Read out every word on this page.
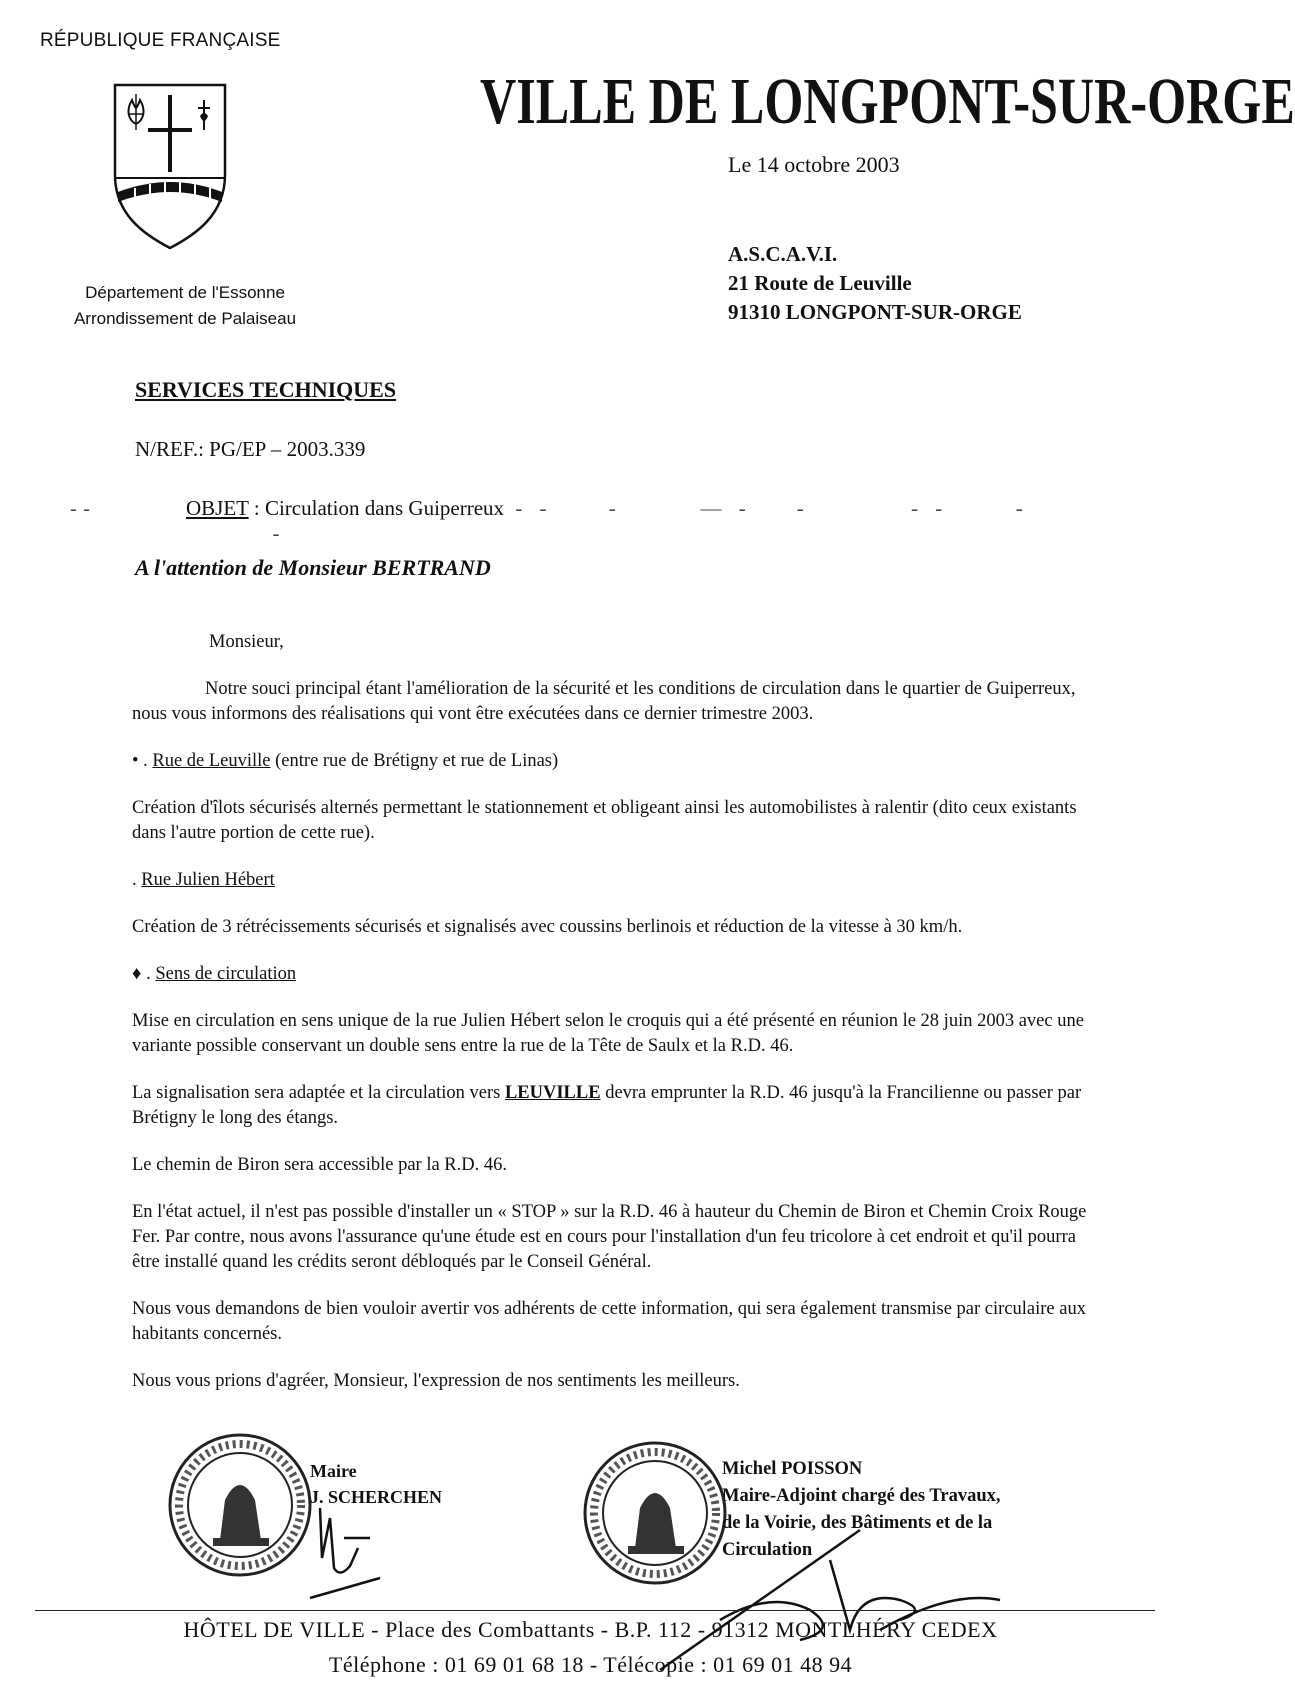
RÉPUBLIQUE FRANÇAISE
Département de l'Essonne
Arrondissement de Palaiseau
VILLE DE LONGPONT-SUR-ORGE
Le 14 octobre 2003
A.S.C.A.V.I.
21 Route de Leuville
91310 LONGPONT-SUR-ORGE
SERVICES TECHNIQUES
N/REF.: PG/EP – 2003.339
--        OBJET : Circulation dans Guiperreux - -     -       — -    -         - -      -                  -
A l'attention de Monsieur BERTRAND

Monsieur,

Notre souci principal étant l'amélioration de la sécurité et les conditions de circulation dans le quartier de Guiperreux, nous vous informons des réalisations qui vont être exécutées dans ce dernier trimestre 2003.

• . Rue de Leuville (entre rue de Brétigny et rue de Linas)

Création d'îlots sécurisés alternés permettant le stationnement et obligeant ainsi les automobilistes à ralentir (dito ceux existants dans l'autre portion de cette rue).

. Rue Julien Hébert

Création de 3 rétrécissements sécurisés et signalisés avec coussins berlinois et réduction de la vitesse à 30 km/h.

♦ . Sens de circulation

Mise en circulation en sens unique de la rue Julien Hébert selon le croquis qui a été présenté en réunion le 28 juin 2003 avec une variante possible conservant un double sens entre la rue de la Tête de Saulx et la R.D. 46.

La signalisation sera adaptée et la circulation vers LEUVILLE devra emprunter la R.D. 46 jusqu'à la Francilienne ou passer par Brétigny le long des étangs.

Le chemin de Biron sera accessible par la R.D. 46.

En l'état actuel, il n'est pas possible d'installer un « STOP » sur la R.D. 46 à hauteur du Chemin de Biron et Chemin Croix Rouge Fer. Par contre, nous avons l'assurance qu'une étude est en cours pour l'installation d'un feu tricolore à cet endroit et qu'il pourra être installé quand les crédits seront débloqués par le Conseil Général.

Nous vous demandons de bien vouloir avertir vos adhérents de cette information, qui sera également transmise par circulaire aux habitants concernés.

Nous vous prions d'agréer, Monsieur, l'expression de nos sentiments les meilleurs.

Maire
J. SCHERCHEN
Michel POISSON
Maire-Adjoint chargé des Travaux,
de la Voirie, des Bâtiments et de la
Circulation
HÔTEL DE VILLE - Place des Combattants - B.P. 112 - 91312 MONTLHÉRY CEDEX
Téléphone : 01 69 01 68 18 - Télécopie : 01 69 01 48 94
